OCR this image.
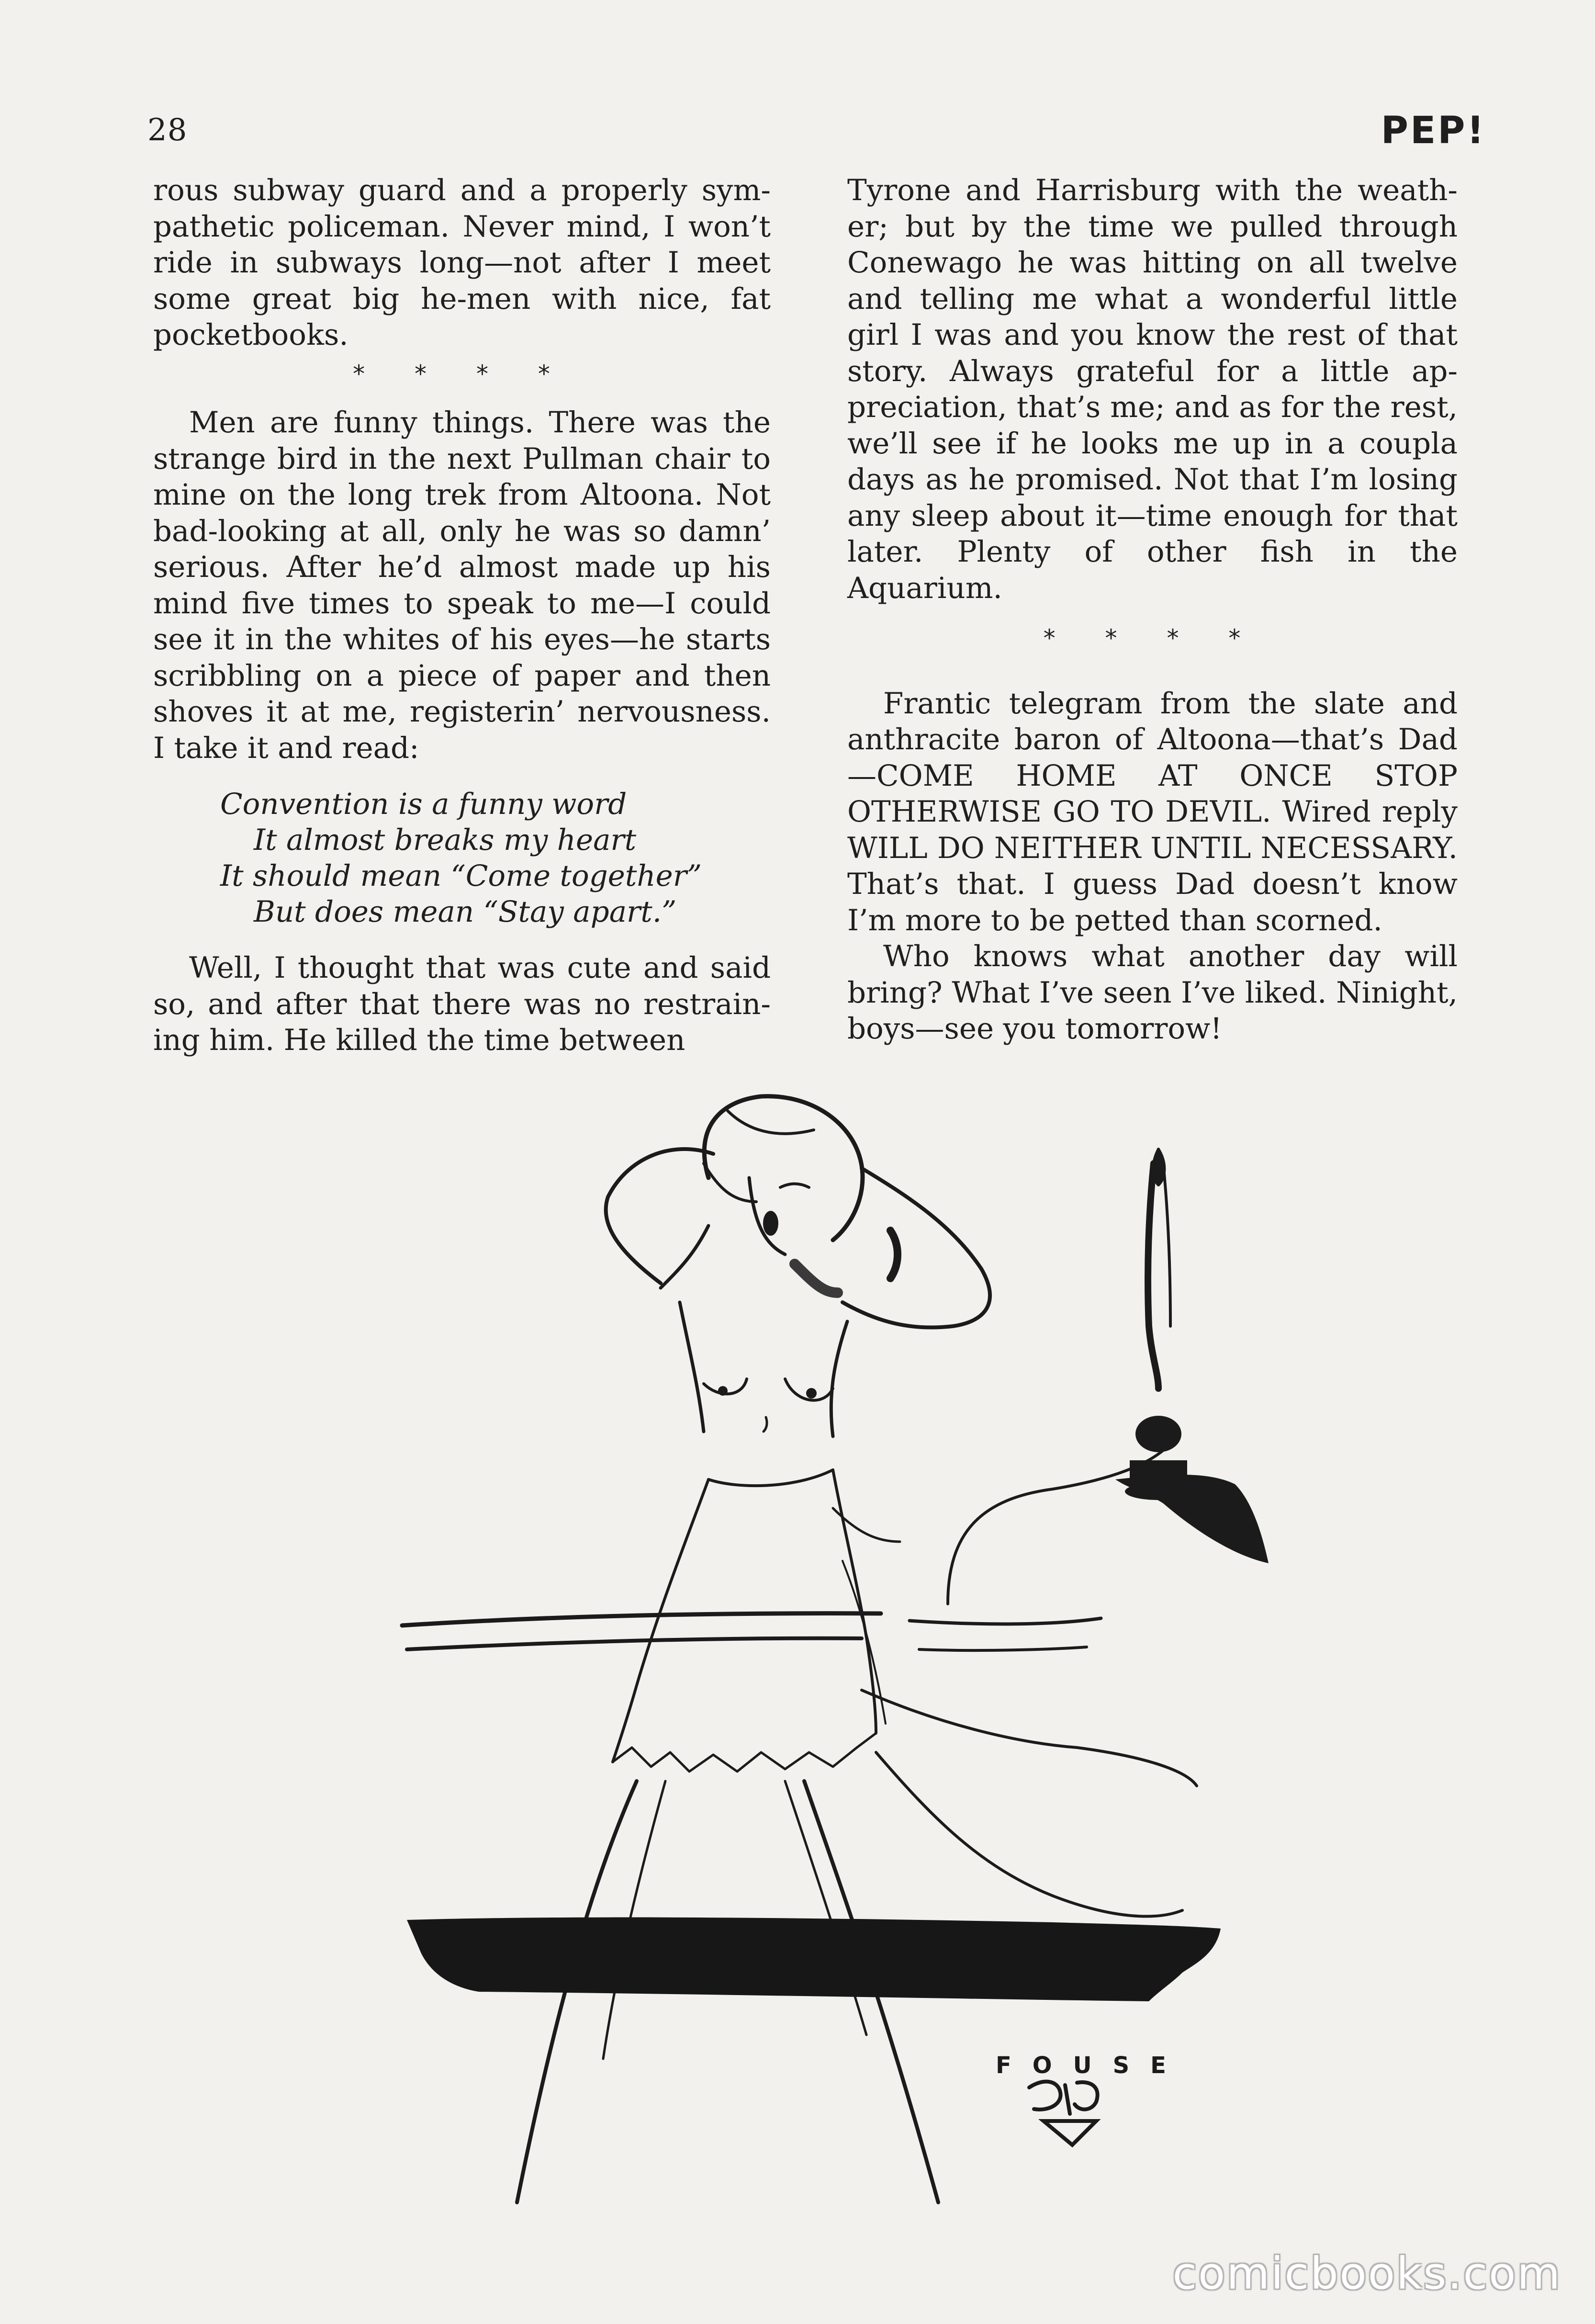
28	PEP!

rous subway guard and a properly sympathetic policeman. Never mind, I won’t ride in subways long—not after I meet some great big he-men with nice, fat pocketbooks.

* * * *

Men are funny things. There was the strange bird in the next Pullman chair to mine on the long trek from Altoona. Not bad-looking at all, only he was so damn’ serious. After he’d almost made up his mind five times to speak to me—I could see it in the whites of his eyes—he starts scribbling on a piece of paper and then shoves it at me, registerin’ nervousness. I take it and read:

Convention is a funny word
It almost breaks my heart
It should mean “Come together”
But does mean “Stay apart.”

Well, I thought that was cute and said so, and after that there was no restraining him. He killed the time between

Tyrone and Harrisburg with the weather; but by the time we pulled through Conewago he was hitting on all twelve and telling me what a wonderful little girl I was and you know the rest of that story. Always grateful for a little appreciation, that’s me; and as for the rest, we’ll see if he looks me up in a coupla days as he promised. Not that I’m losing any sleep about it—time enough for that later. Plenty of other fish in the Aquarium.

* * * *

Frantic telegram from the slate and anthracite baron of Altoona—that’s Dad —COME HOME AT ONCE STOP OTHERWISE GO TO DEVIL. Wired reply WILL DO NEITHER UNTIL NECESSARY. That’s that. I guess Dad doesn’t know I’m more to be petted than scorned.

Who knows what another day will bring? What I’ve seen I’ve liked. Ninight, boys—see you tomorrow!

FOUSE
comicbooks.com
